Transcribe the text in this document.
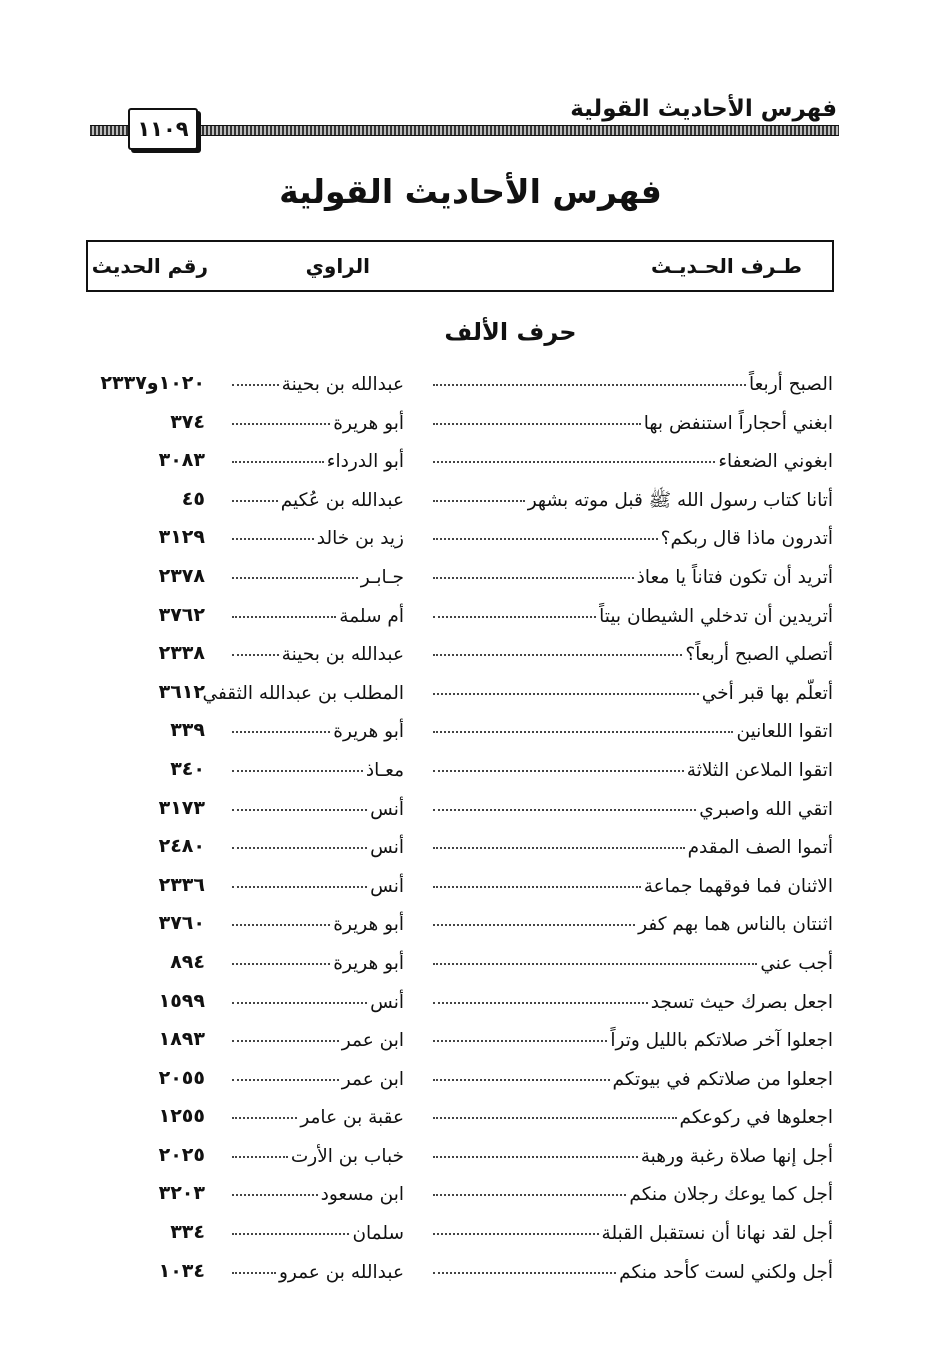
فهرس الأحاديث القولية
١١٠٩
فهرس الأحاديث القولية
طـرف الحـديـث
الراوي
رقم الحديث
حرف الألف
الصبح أربعاً
عبدالله بن بحينة
١٠٢٠و٢٣٣٧
ابغني أحجاراً استنفض بها
أبو هريرة
٣٧٤
ابغوني الضعفاء
أبو الدرداء
٣٠٨٣
أتانا كتاب رسول الله ﷺ قبل موته بشهر
عبدالله بن عُكيم
٤٥
أتدرون ماذا قال ربكم؟
زيد بن خالد
٣١٢٩
أتريد أن تكون فتاناً يا معاذ
جـابـر
٢٣٧٨
أتريدين أن تدخلي الشيطان بيتاً
أم سلمة
٣٧٦٢
أتصلي الصبح أربعاً؟
عبدالله بن بحينة
٢٣٣٨
أتعلّم بها قبر أخي
المطلب بن عبدالله الثقفي
٣٦١٢
اتقوا اللعانين
أبو هريرة
٣٣٩
اتقوا الملاعن الثلاثة
معـاذ
٣٤٠
اتقي الله واصبري
أنس
٣١٧٣
أتموا الصف المقدم
أنس
٢٤٨٠
الاثنان فما فوقهما جماعة
أنس
٢٣٣٦
اثنتان بالناس هما بهم كفر
أبو هريرة
٣٧٦٠
أجب عني
أبو هريرة
٨٩٤
اجعل بصرك حيث تسجد
أنس
١٥٩٩
اجعلوا آخر صلاتكم بالليل وتراً
ابن عمر
١٨٩٣
اجعلوا من صلاتكم في بيوتكم
ابن عمر
٢٠٥٥
اجعلوها في ركوعكم
عقبة بن عامر
١٢٥٥
أجل إنها صلاة رغبة ورهبة
خباب بن الأرت
٢٠٢٥
أجل كما يوعك رجلان منكم
ابن مسعود
٣٢٠٣
أجل لقد نهانا أن نستقبل القبلة
سلمان
٣٣٤
أجل ولكني لست كأحد منكم
عبدالله بن عمرو
١٠٣٤
